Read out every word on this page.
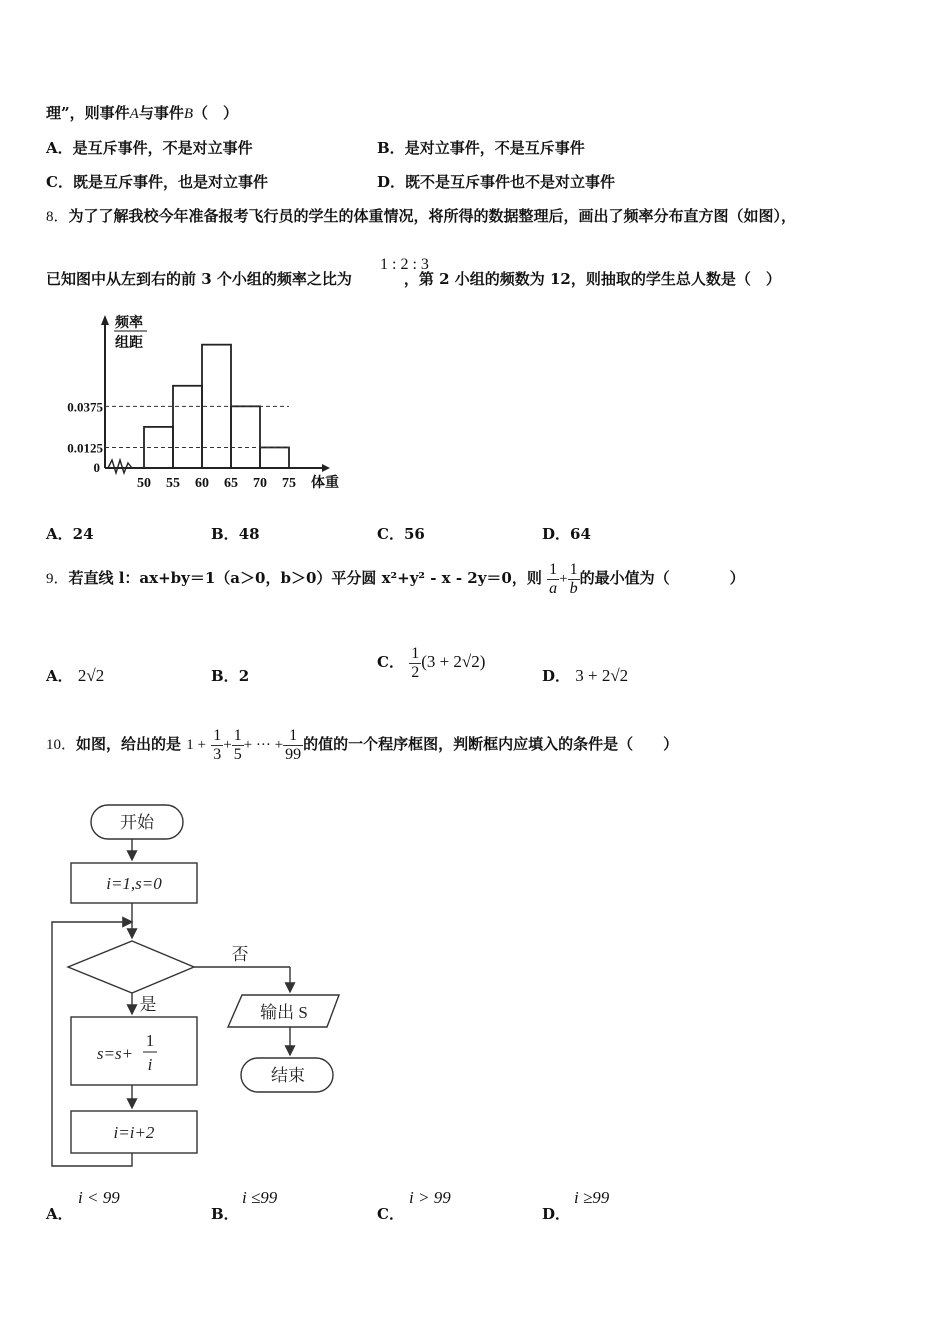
理”，则事件A与事件B（　）
A．是互斥事件，不是对立事件	B．是对立事件，不是互斥事件
C．既是互斥事件，也是对立事件	D．既不是互斥事件也不是对立事件
8．为了了解我校今年准备报考飞行员的学生的体重情况，将所得的数据整理后，画出了频率分布直方图（如图），
1 : 2 : 3
已知图中从左到右的前 3 个小组的频率之比为	，第 2 小组的频数为 12，则抽取的学生总人数是（　）
0.0375
0.0125
0
50 55 60 65 70 75 体重
频率
组距
A．24	B．48	C．56	D．64
9．若直线 l：ax+by＝1（a＞0，b＞0）平分圆 x²+y² - x - 2y＝0，则 $\frac{1}{a} + \frac{1}{b}$ 的最小值为（　　　　）
A． 2√2	B．2
C． $\frac{1}{2} (3 + 2√2)$
D． 3 + 2√2
10．如图，给出的是 $1 + \frac{1}{3} + \frac{1}{5}$ + ··· + $\frac{1}{99}$ 的值的一个程序框图，判断框内应填入的条件是（　　）
开始
i=1,s=0
否
是	输出 S
结束
s=s+
1
i
i=i+2
A．
i < 99
B．
i ≤99
C．
i > 99
D．
i ≥99
